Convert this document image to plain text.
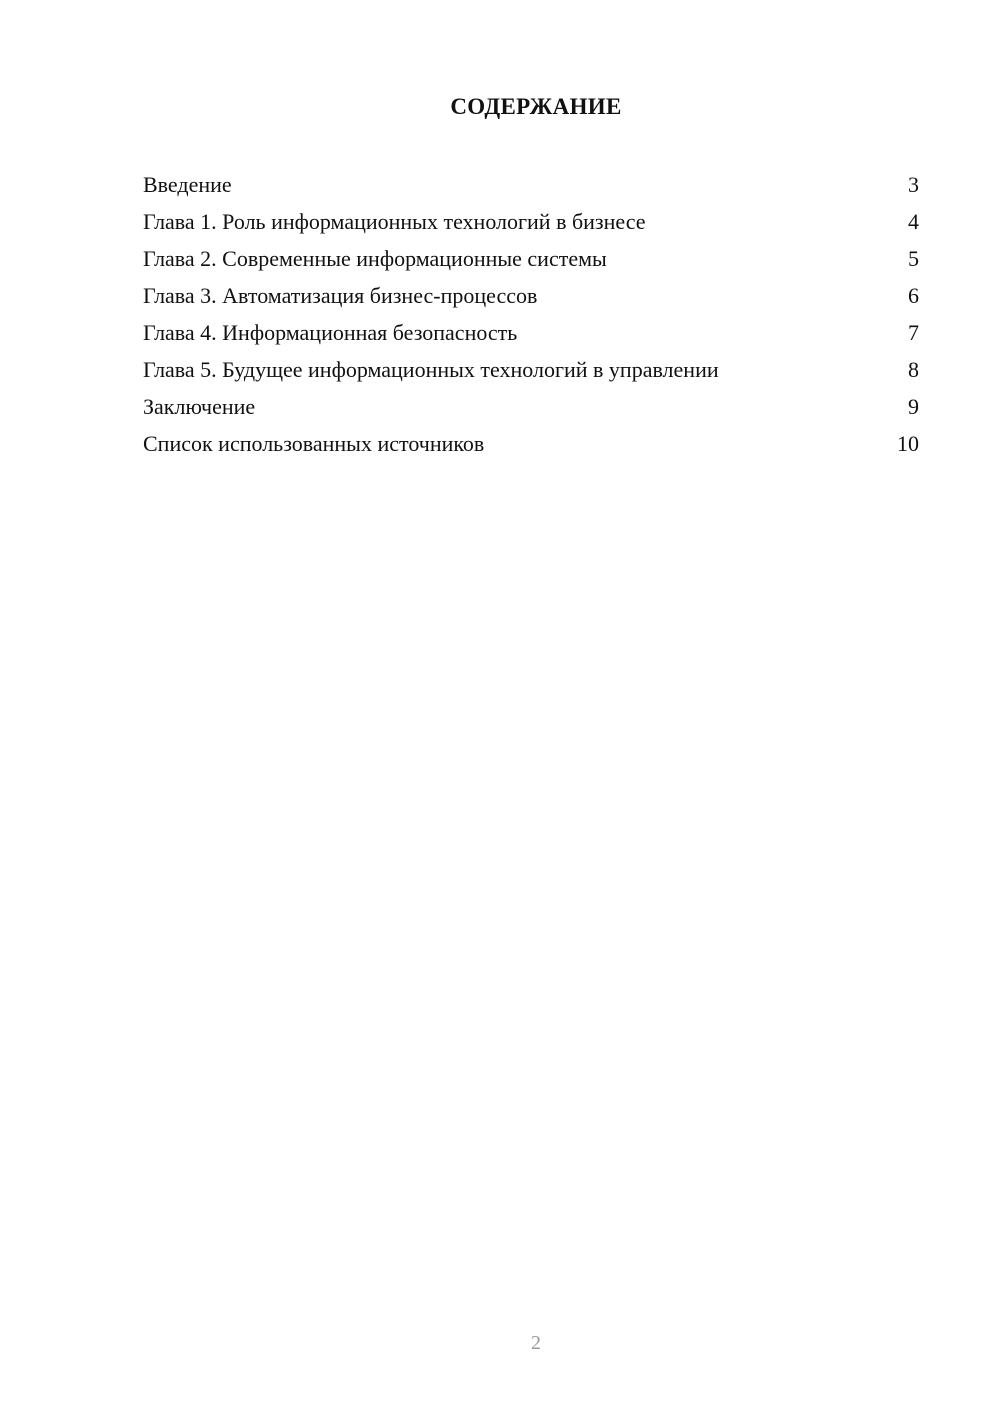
СОДЕРЖАНИЕ
Введение	3
Глава 1. Роль информационных технологий в бизнесе	4
Глава 2. Современные информационные системы	5
Глава 3. Автоматизация бизнес-процессов	6
Глава 4. Информационная безопасность	7
Глава 5. Будущее информационных технологий в управлении	8
Заключение	9
Список использованных источников	10
2
